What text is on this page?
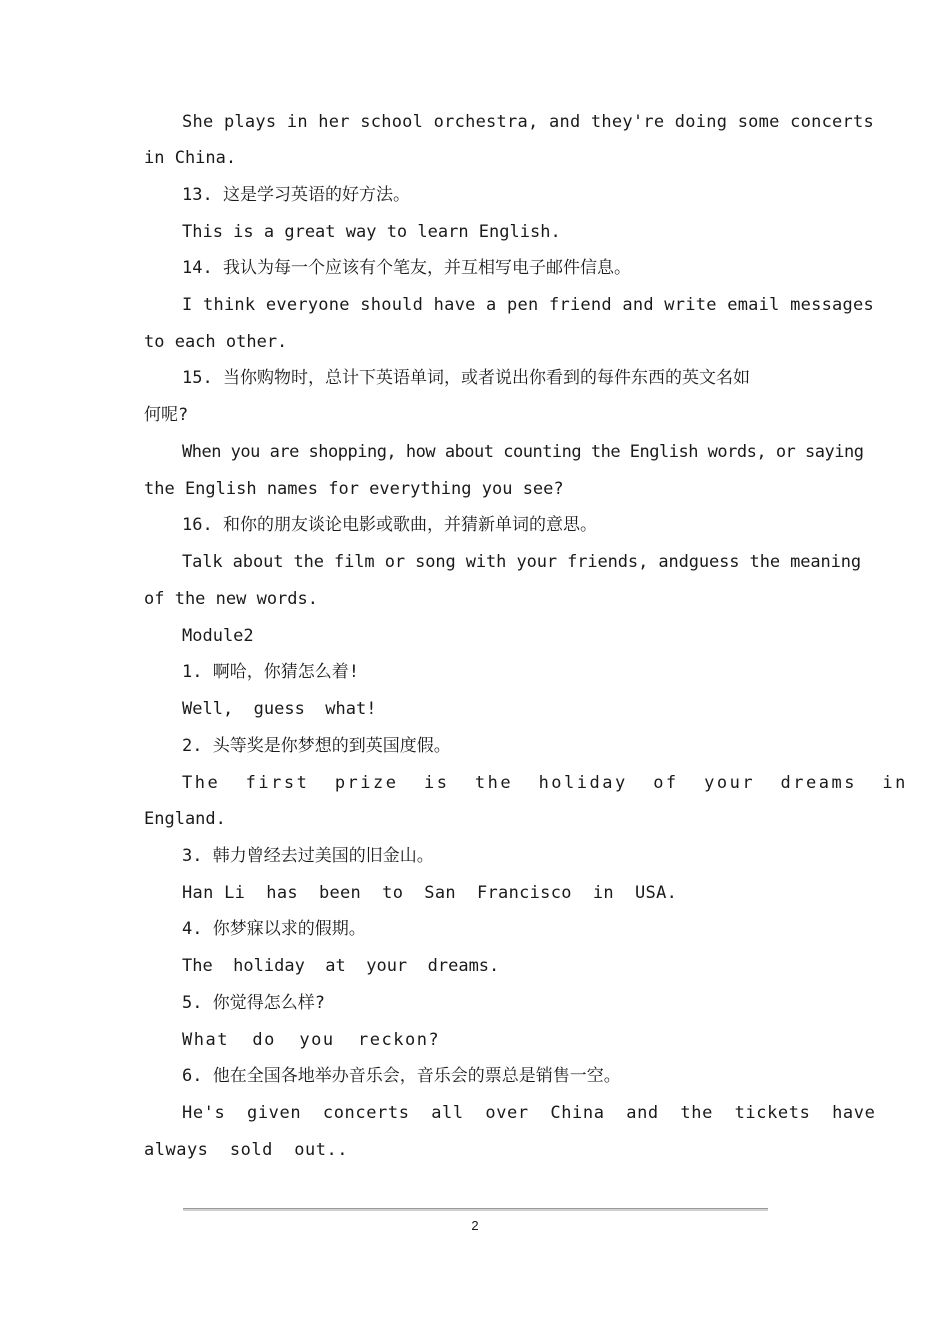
She plays in her school orchestra, and they're doing some concerts
in China.
13. 这是学习英语的好方法。
This is a great way to learn English.
14. 我认为每一个应该有个笔友，并互相写电子邮件信息。
I think everyone should have a pen friend and write email messages
to each other.
15. 当你购物时，总计下英语单词，或者说出你看到的每件东西的英文名如
何呢?
When you are shopping, how about counting the English words, or saying
the English names for everything you see?
16. 和你的朋友谈论电影或歌曲，并猜新单词的意思。
Talk about the film or song with your friends, andguess the meaning
of the new words.
Module2
1. 啊哈，你猜怎么着!
Well,  guess  what!
2. 头等奖是你梦想的到英国度假。
The  first  prize  is  the  holiday  of  your  dreams  in
England.
3. 韩力曾经去过美国的旧金山。
Han Li  has  been  to  San  Francisco  in  USA.
4. 你梦寐以求的假期。
The  holiday  at  your  dreams.
5. 你觉得怎么样?
What  do  you  reckon?
6. 他在全国各地举办音乐会，音乐会的票总是销售一空。
He's  given  concerts  all  over  China  and  the  tickets  have
always  sold  out..
2
